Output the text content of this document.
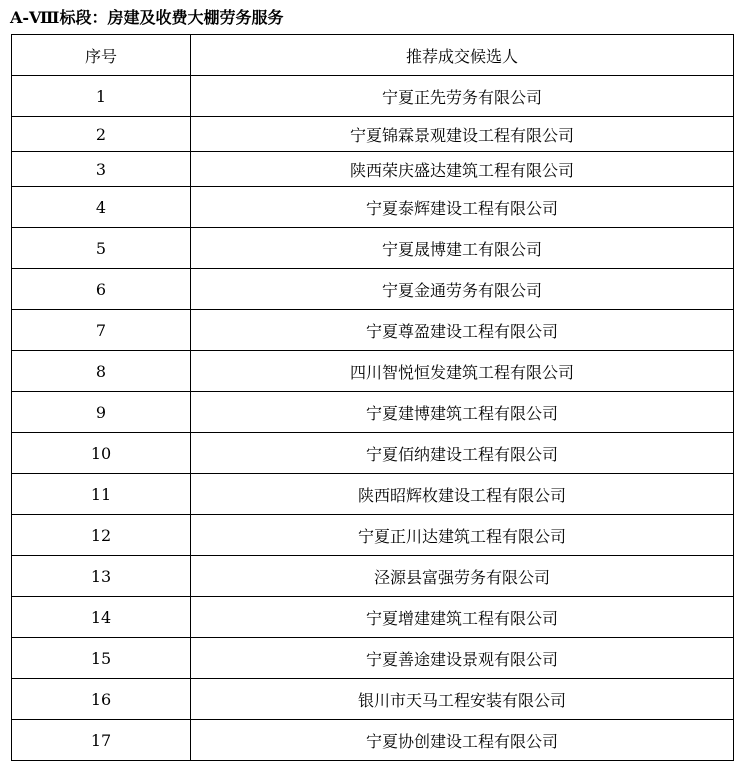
A-Ⅷ标段：房建及收费大棚劳务服务
序号	推荐成交候选人
1	宁夏正先劳务有限公司
2	宁夏锦霖景观建设工程有限公司
3	陕西荣庆盛达建筑工程有限公司
4	宁夏泰辉建设工程有限公司
5	宁夏晟博建工有限公司
6	宁夏金通劳务有限公司
7	宁夏尊盈建设工程有限公司
8	四川智悦恒发建筑工程有限公司
9	宁夏建博建筑工程有限公司
10	宁夏佰纳建设工程有限公司
11	陕西昭辉枚建设工程有限公司
12	宁夏正川达建筑工程有限公司
13	泾源县富强劳务有限公司
14	宁夏增建建筑工程有限公司
15	宁夏善途建设景观有限公司
16	银川市天马工程安装有限公司
17	宁夏协创建设工程有限公司
